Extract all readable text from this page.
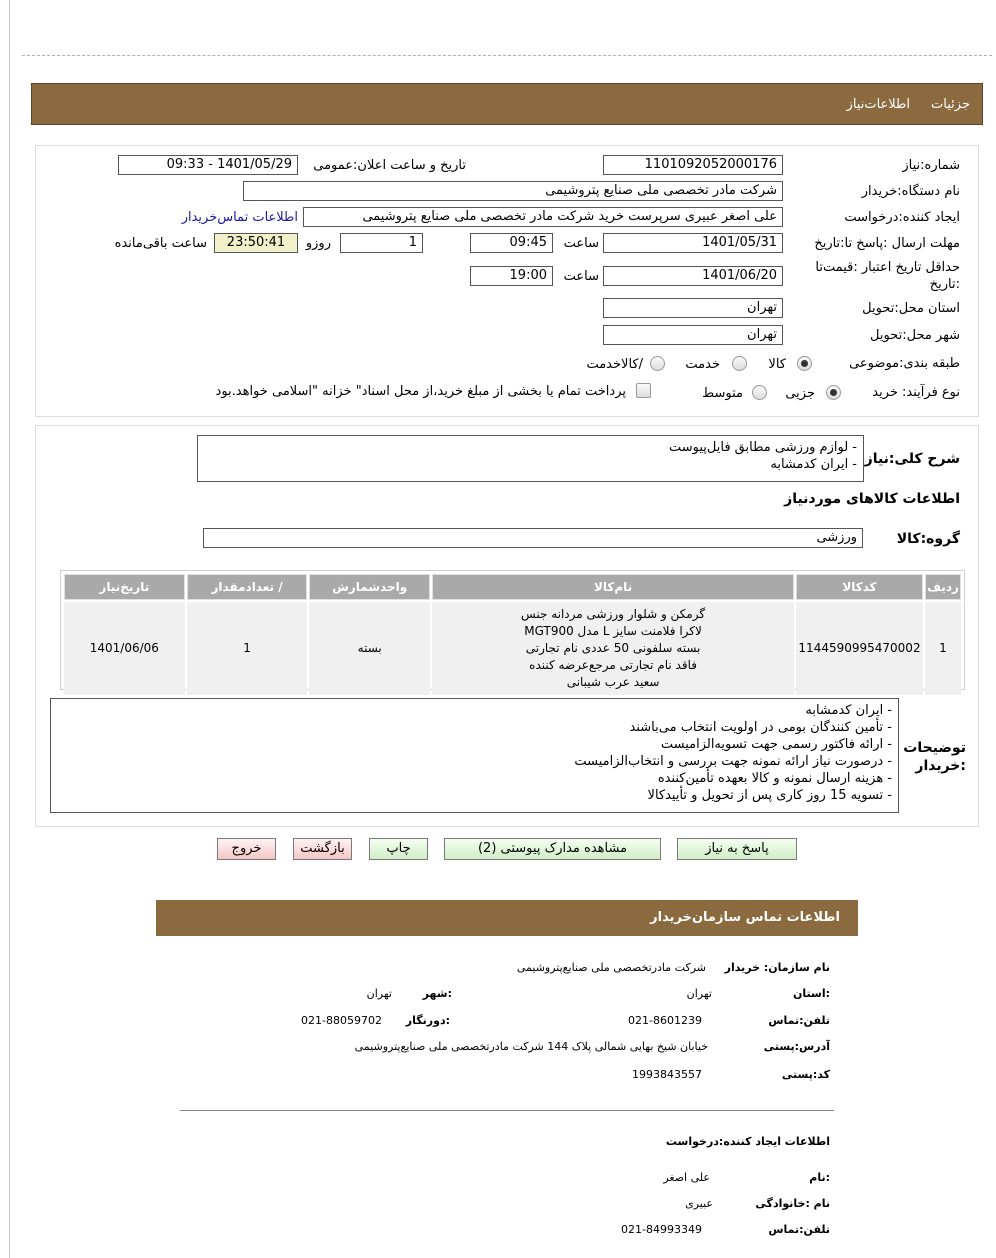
جزئیات
اطلاعات‌نیاز
شماره:نیاز
1101092052000176
تاریخ و ساعت اعلان:عمومی
1401/05/29 - 09:33
نام دستگاه:خریدار
شرکت مادر تخصصی ملی صنایع پتروشیمی
ایجاد کننده:درخواست
علی اصغر عبیری سرپرست خرید شرکت مادر تخصصی ملی صنایع پتروشیمی
اطلاعات تماس‌خریدار
مهلت ارسال :پاسخ تا:تاریخ
1401/05/31
ساعت
09:45
1
روزو
23:50:41
ساعت باقی‌مانده
حداقل تاریخ اعتبار :قیمت‌تا
:تاریخ
1401/06/20
ساعت
19:00
استان محل:تحویل
تهران
شهر محل:تحویل
تهران
طبقه بندی:موضوعی
کالا
خدمت
/کالاخدمت
نوع فرآیند: خرید
جزیی
متوسط
پرداخت تمام یا بخشی از مبلغ خرید،از محل اسناد" خزانه "اسلامی خواهد.بود
شرح کلی:نیاز
- لوازم ورزشی مطابق فایل‌پیوست
- ایران کدمشابه
اطلاعات کالاهای موردنیاز
گروه:کالا
ورزشی
ردیف	کدکالا	نام‌کالا	واحدشمارش	/ تعدادمقدار	تاریخ‌نیاز
1	1144590995470002	گرمکن و شلوار ورزشی مردانه جنس
لاکرا فلامنت سایز L مدل MGT900
بسته سلفونی 50 عددی نام تجارتی
فاقد نام تجارتی مرجع‌عرضه کننده
سعید عرب شیبانی	بسته	1	1401/06/06
توضیحات
:خریدار
- ایران کدمشابه
- تأمین کنندگان بومی در اولویت انتخاب می‌باشند
- ارائه فاکتور رسمی جهت تسویه‌الزامیست
- درصورت نیاز ارائه نمونه جهت بررسی و انتخاب‌الزامیست
- هزینه ارسال نمونه و کالا بعهده تأمین‌کننده
- تسویه 15 روز کاری پس از تحویل و تأییدکالا
پاسخ به نیاز
مشاهده مدارک پیوستی (2)
چاپ
بازگشت
خروج
اطلاعات تماس سازمان‌خریدار
نام سازمان: خریدار
شرکت مادرتخصصی ملی صنایع‌پتروشیمی
:استان
تهران
:شهر
تهران
تلفن:تماس
021-8601239
:دورنگار
021-88059702
آدرس:پستی
خیابان شیخ بهایی شمالی پلاک 144 شرکت مادرتخصصی ملی صنایع‌پتروشیمی
کد:پستی
1993843557
اطلاعات ایجاد کننده:درخواست
:نام
علی اصغر
نام :خانوادگی
عبیری
تلفن:تماس
021-84993349
